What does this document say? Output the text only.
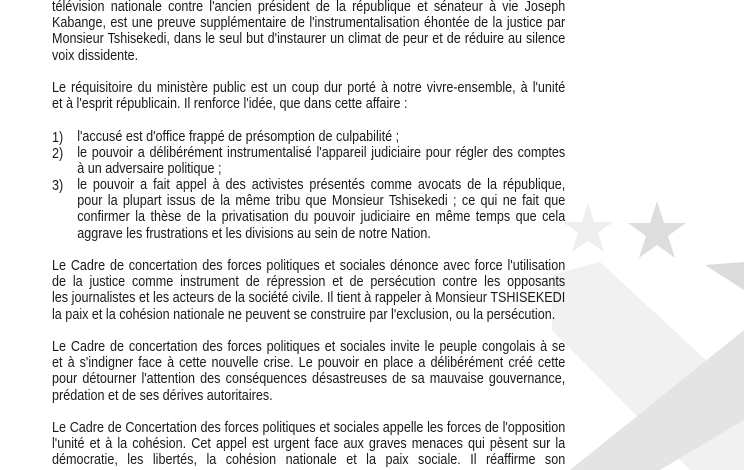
télévision nationale contre l'ancien président de la république et sénateur à vie Joseph
Kabange, est une preuve supplémentaire de l'instrumentalisation éhontée de la justice par
Monsieur Tshisekedi, dans le seul but d'instaurer un climat de peur et de réduire au silence
voix dissidente.
Le réquisitoire du ministère public est un coup dur porté à notre vivre-ensemble, à l'unité
et à l'esprit républicain. Il renforce l'idée, que dans cette affaire :
1) l'accusé est d'office frappé de présomption de culpabilité ;
2) le pouvoir a délibérément instrumentalisé l'appareil judiciaire pour régler des comptes
à un adversaire politique ;
3) le pouvoir a fait appel à des activistes présentés comme avocats de la république,
pour la plupart issus de la même tribu que Monsieur Tshisekedi ; ce qui ne fait que
confirmer la thèse de la privatisation du pouvoir judiciaire en même temps que cela
aggrave les frustrations et les divisions au sein de notre Nation.
Le Cadre de concertation des forces politiques et sociales dénonce avec force l'utilisation
de la justice comme instrument de répression et de persécution contre les opposants
les journalistes et les acteurs de la société civile. Il tient à rappeler à Monsieur TSHISEKEDI
la paix et la cohésion nationale ne peuvent se construire par l'exclusion, ou la persécution.
Le Cadre de concertation des forces politiques et sociales invite le peuple congolais à se
et à s'indigner face à cette nouvelle crise. Le pouvoir en place a délibérément créé cette
pour détourner l'attention des conséquences désastreuses de sa mauvaise gouvernance,
prédation et de ses dérives autoritaires.
Le Cadre de Concertation des forces politiques et sociales appelle les forces de l'opposition
l'unité et à la cohésion. Cet appel est urgent face aux graves menaces qui pèsent sur la
démocratie, les libertés, la cohésion nationale et la paix sociale. Il réaffirme son
